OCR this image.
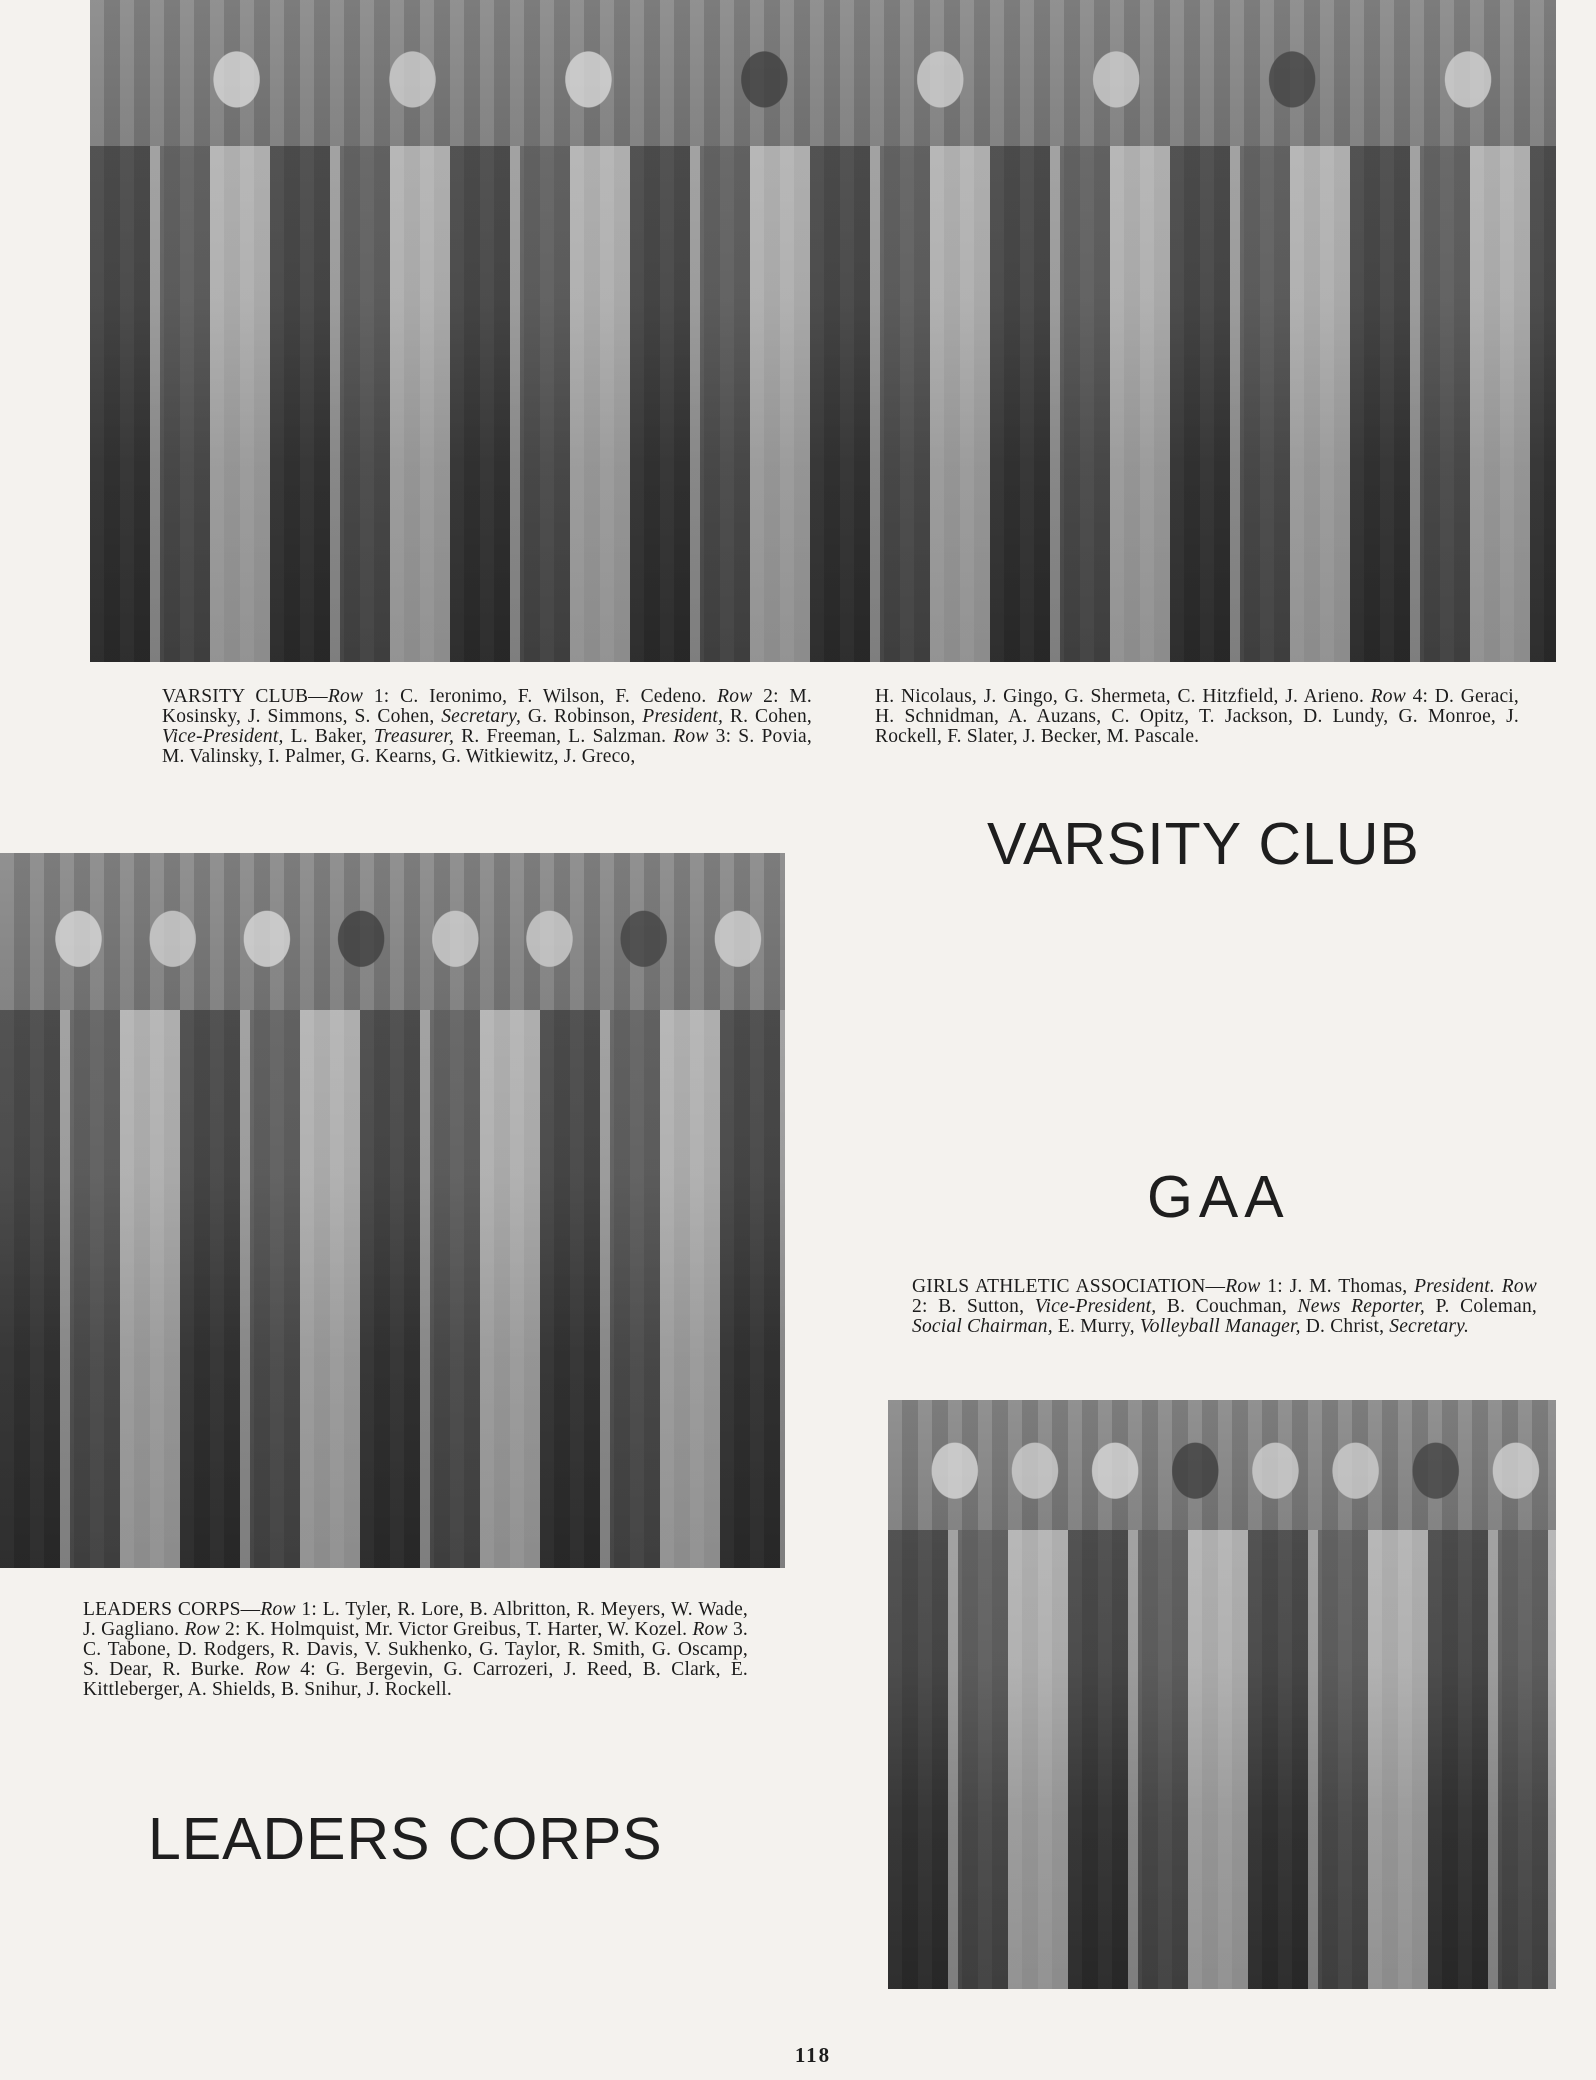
VARSITY CLUB—Row 1: C. Ieronimo, F. Wilson, F. Cedeno. Row 2: M. Kosinsky, J. Simmons, S. Cohen, Secretary, G. Robinson, President, R. Cohen, Vice-President, L. Baker, Treasurer, R. Freeman, L. Salzman. Row 3: S. Povia, M. Valinsky, I. Palmer, G. Kearns, G. Witkiewitz, J. Greco,
H. Nicolaus, J. Gingo, G. Shermeta, C. Hitzfield, J. Arieno. Row 4: D. Geraci, H. Schnidman, A. Auzans, C. Opitz, T. Jackson, D. Lundy, G. Monroe, J. Rockell, F. Slater, J. Becker, M. Pascale.
VARSITY CLUB
GAA
GIRLS ATHLETIC ASSOCIATION—Row 1: J. M. Thomas, President. Row 2: B. Sutton, Vice-President, B. Couchman, News Reporter, P. Coleman, Social Chairman, E. Murry, Volleyball Manager, D. Christ, Secretary.
LEADERS CORPS—Row 1: L. Tyler, R. Lore, B. Albritton, R. Meyers, W. Wade, J. Gagliano. Row 2: K. Holmquist, Mr. Victor Greibus, T. Harter, W. Kozel. Row 3. C. Tabone, D. Rodgers, R. Davis, V. Sukhenko, G. Taylor, R. Smith, G. Oscamp, S. Dear, R. Burke. Row 4: G. Bergevin, G. Carrozeri, J. Reed, B. Clark, E. Kittleberger, A. Shields, B. Snihur, J. Rockell.
LEADERS CORPS
118
